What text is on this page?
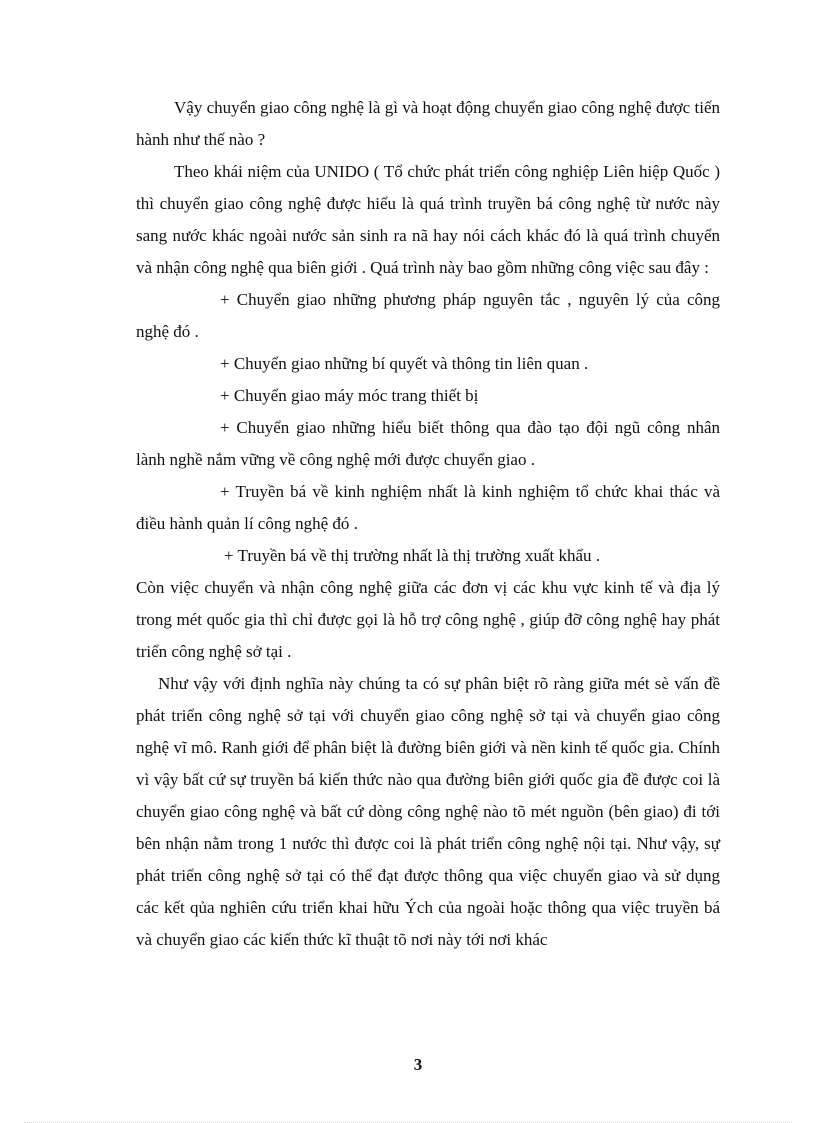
Vậy chuyển giao công nghệ là gì và hoạt động chuyển giao công nghệ được tiến hành như thế nào ?

Theo khái niệm của UNIDO ( Tổ chức phát triển công nghiệp Liên hiệp Quốc ) thì chuyển giao công nghệ được hiểu là quá trình truyền bá công nghệ từ nước này sang nước khác ngoài nước sản sinh ra nã hay nói cách khác đó là quá trình chuyển và nhận công nghệ qua biên giới . Quá trình này bao gồm những công việc sau đây :

+ Chuyển giao những phương pháp nguyên tắc , nguyên lý của công nghệ đó .

+ Chuyển giao những bí quyết và thông tin liên quan .

+ Chuyển giao máy móc trang thiết bị

+ Chuyển giao những hiểu biết thông qua đào tạo đội ngũ công nhân lành nghề nắm vững về công nghệ mới được chuyển giao .

+ Truyền bá về kinh nghiệm nhất là kinh nghiệm tổ chức khai thác và điều hành quản lí công nghệ đó .

+ Truyền bá về thị trường nhất là thị trường xuất khẩu .

Còn việc chuyển và nhận công nghệ giữa các đơn vị các khu vực kinh tế và địa lý trong mét quốc gia thì chỉ được gọi là hỗ trợ công nghệ , giúp đỡ công nghệ hay phát triển công nghệ sở tại .

Như vậy với định nghĩa này chúng ta có sự phân biệt rõ ràng giữa mét sè vấn đề phát triển công nghệ sở tại với chuyển giao công nghệ sở tại và chuyển giao công nghệ vĩ mô. Ranh giới để phân biệt là đường biên giới và nền kinh tế quốc gia. Chính vì vậy bất cứ sự truyền bá kiến thức nào qua đường biên giới quốc gia đề được coi là chuyển giao công nghệ và bất cứ dòng công nghệ nào tõ mét nguồn (bên giao) đi tới bên nhận nằm trong 1 nước thì được coi là phát triển công nghệ nội tại. Như vậy, sự phát triển công nghệ sở tại có thể đạt được thông qua việc chuyển giao và sử dụng các kết qủa nghiên cứu triển khai hữu Ých của ngoài hoặc thông qua việc truyền bá và chuyển giao các kiến thức kĩ thuật tõ nơi này tới nơi khác

3
